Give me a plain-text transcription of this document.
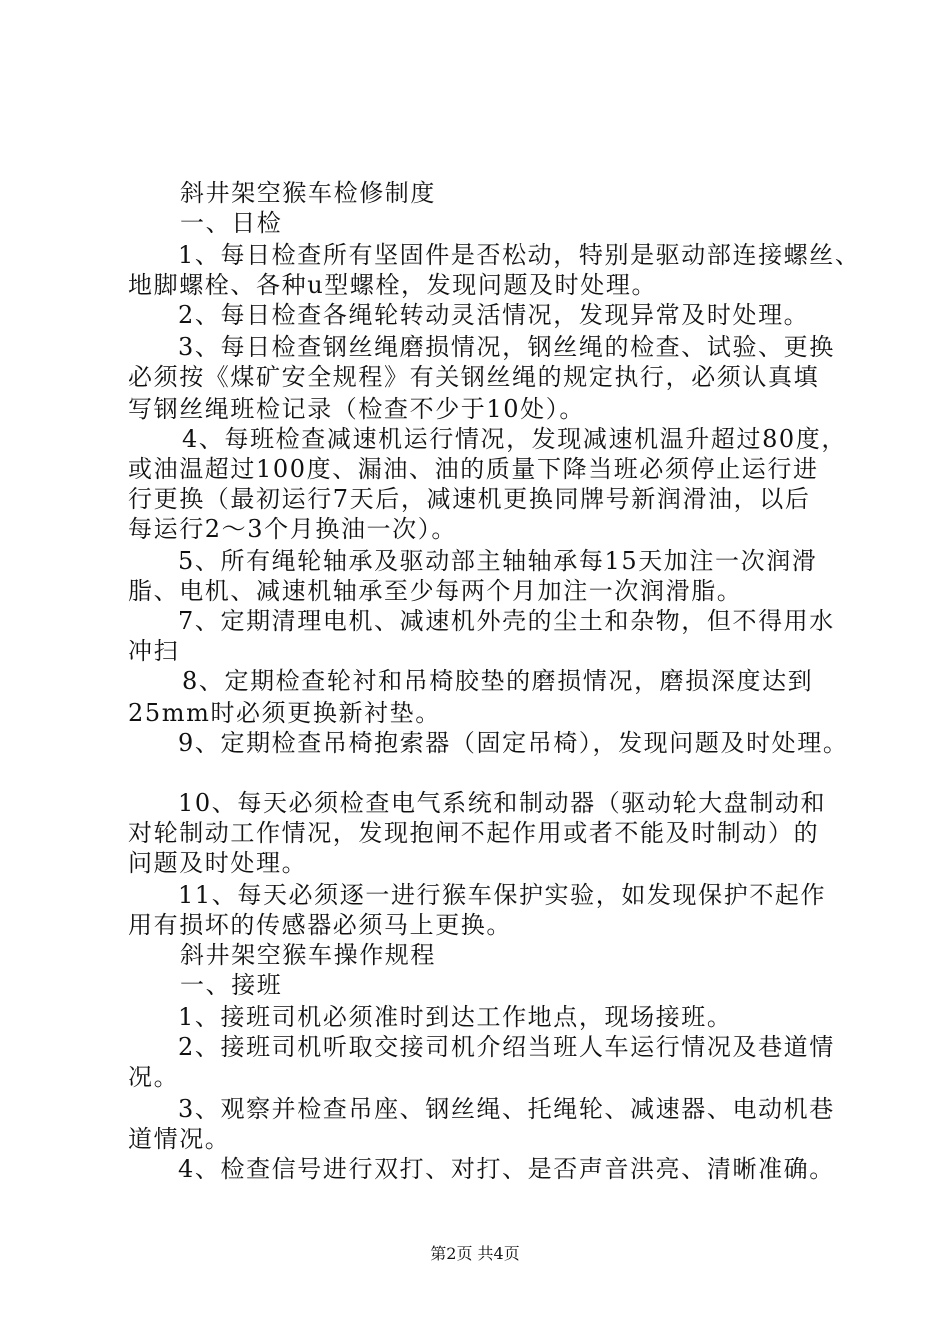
斜井架空猴车检修制度
一、日检
1、每日检查所有坚固件是否松动，特别是驱动部连接螺丝、
地脚螺栓、各种u型螺栓，发现问题及时处理。
2、每日检查各绳轮转动灵活情况，发现异常及时处理。
3、每日检查钢丝绳磨损情况，钢丝绳的检查、试验、更换
必须按《煤矿安全规程》有关钢丝绳的规定执行，必须认真填
写钢丝绳班检记录（检查不少于10处）。
4、每班检查减速机运行情况，发现减速机温升超过80度，
或油温超过100度、漏油、油的质量下降当班必须停止运行进
行更换（最初运行7天后，减速机更换同牌号新润滑油，以后
每运行2～3个月换油一次）。
5、所有绳轮轴承及驱动部主轴轴承每15天加注一次润滑
脂、电机、减速机轴承至少每两个月加注一次润滑脂。
7、定期清理电机、减速机外壳的尘土和杂物，但不得用水
冲扫
8、定期检查轮衬和吊椅胶垫的磨损情况，磨损深度达到
25mm时必须更换新衬垫。
9、定期检查吊椅抱索器（固定吊椅），发现问题及时处理。
10、每天必须检查电气系统和制动器（驱动轮大盘制动和
对轮制动工作情况，发现抱闸不起作用或者不能及时制动）的
问题及时处理。
11、每天必须逐一进行猴车保护实验，如发现保护不起作
用有损坏的传感器必须马上更换。
斜井架空猴车操作规程
一、接班
1、接班司机必须准时到达工作地点，现场接班。
2、接班司机听取交接司机介绍当班人车运行情况及巷道情
况。
3、观察并检查吊座、钢丝绳、托绳轮、减速器、电动机巷
道情况。
4、检查信号进行双打、对打、是否声音洪亮、清晰准确。
第2页 共4页
